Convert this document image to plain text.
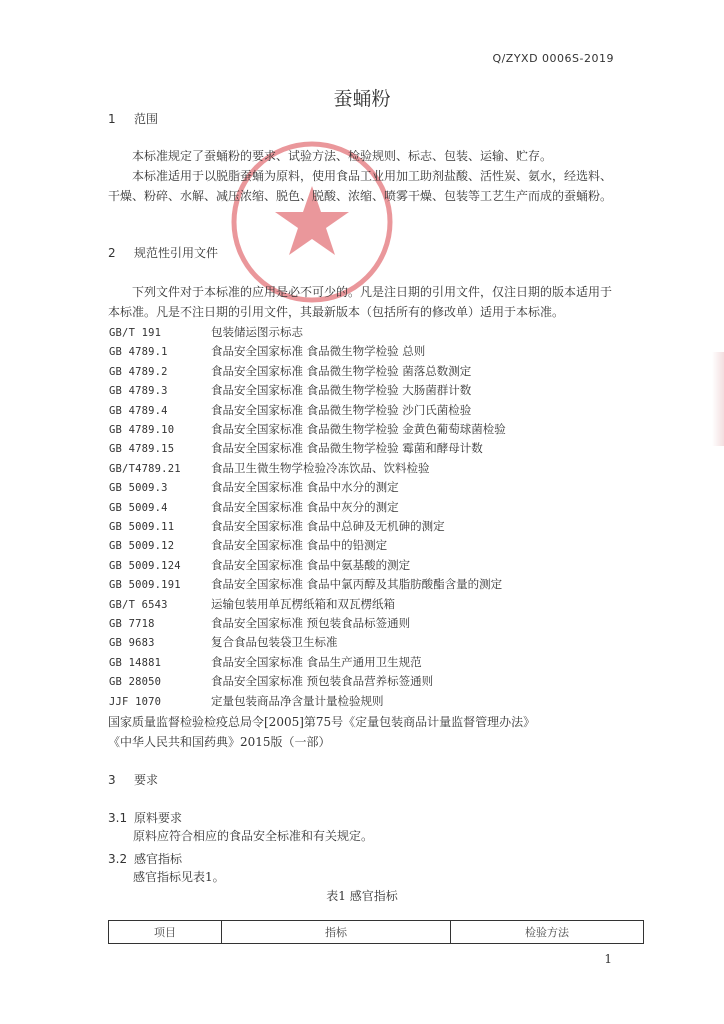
Q/ZYXD 0006S-2019
蚕蛹粉
1 范围
本标准规定了蚕蛹粉的要求、试验方法、检验规则、标志、包装、运输、贮存。
本标准适用于以脱脂蚕蛹为原料，使用食品工业用加工助剂盐酸、活性炭、氨水，经选料、干燥、粉碎、水解、减压浓缩、脱色、脱酸、浓缩、喷雾干燥、包装等工艺生产而成的蚕蛹粉。
2 规范性引用文件
下列文件对于本标准的应用是必不可少的。凡是注日期的引用文件，仅注日期的版本适用于本标准。凡是不注日期的引用文件，其最新版本（包括所有的修改单）适用于本标准。
GB/T 191	包装储运图示标志
GB 4789.1	食品安全国家标准 食品微生物学检验 总则
GB 4789.2	食品安全国家标准 食品微生物学检验 菌落总数测定
GB 4789.3	食品安全国家标准 食品微生物学检验 大肠菌群计数
GB 4789.4	食品安全国家标准 食品微生物学检验 沙门氏菌检验
GB 4789.10	食品安全国家标准 食品微生物学检验 金黄色葡萄球菌检验
GB 4789.15	食品安全国家标准 食品微生物学检验 霉菌和酵母计数
GB/T4789.21	食品卫生微生物学检验冷冻饮品、饮料检验
GB 5009.3	食品安全国家标准 食品中水分的测定
GB 5009.4	食品安全国家标准 食品中灰分的测定
GB 5009.11	食品安全国家标准 食品中总砷及无机砷的测定
GB 5009.12	食品安全国家标准 食品中的铅测定
GB 5009.124	食品安全国家标准 食品中氨基酸的测定
GB 5009.191	食品安全国家标准 食品中氯丙醇及其脂肪酸酯含量的测定
GB/T 6543	运输包装用单瓦楞纸箱和双瓦楞纸箱
GB 7718	食品安全国家标准 预包装食品标签通则
GB 9683	复合食品包装袋卫生标准
GB 14881	食品安全国家标准 食品生产通用卫生规范
GB 28050	食品安全国家标准 预包装食品营养标签通则
JJF 1070	定量包装商品净含量计量检验规则
国家质量监督检验检疫总局令[2005]第75号《定量包装商品计量监督管理办法》
《中华人民共和国药典》2015版（一部）
3 要求
3.1 原料要求
原料应符合相应的食品安全标准和有关规定。
3.2 感官指标
感官指标见表1。
表1 感官指标
项目	指标	检验方法
1
